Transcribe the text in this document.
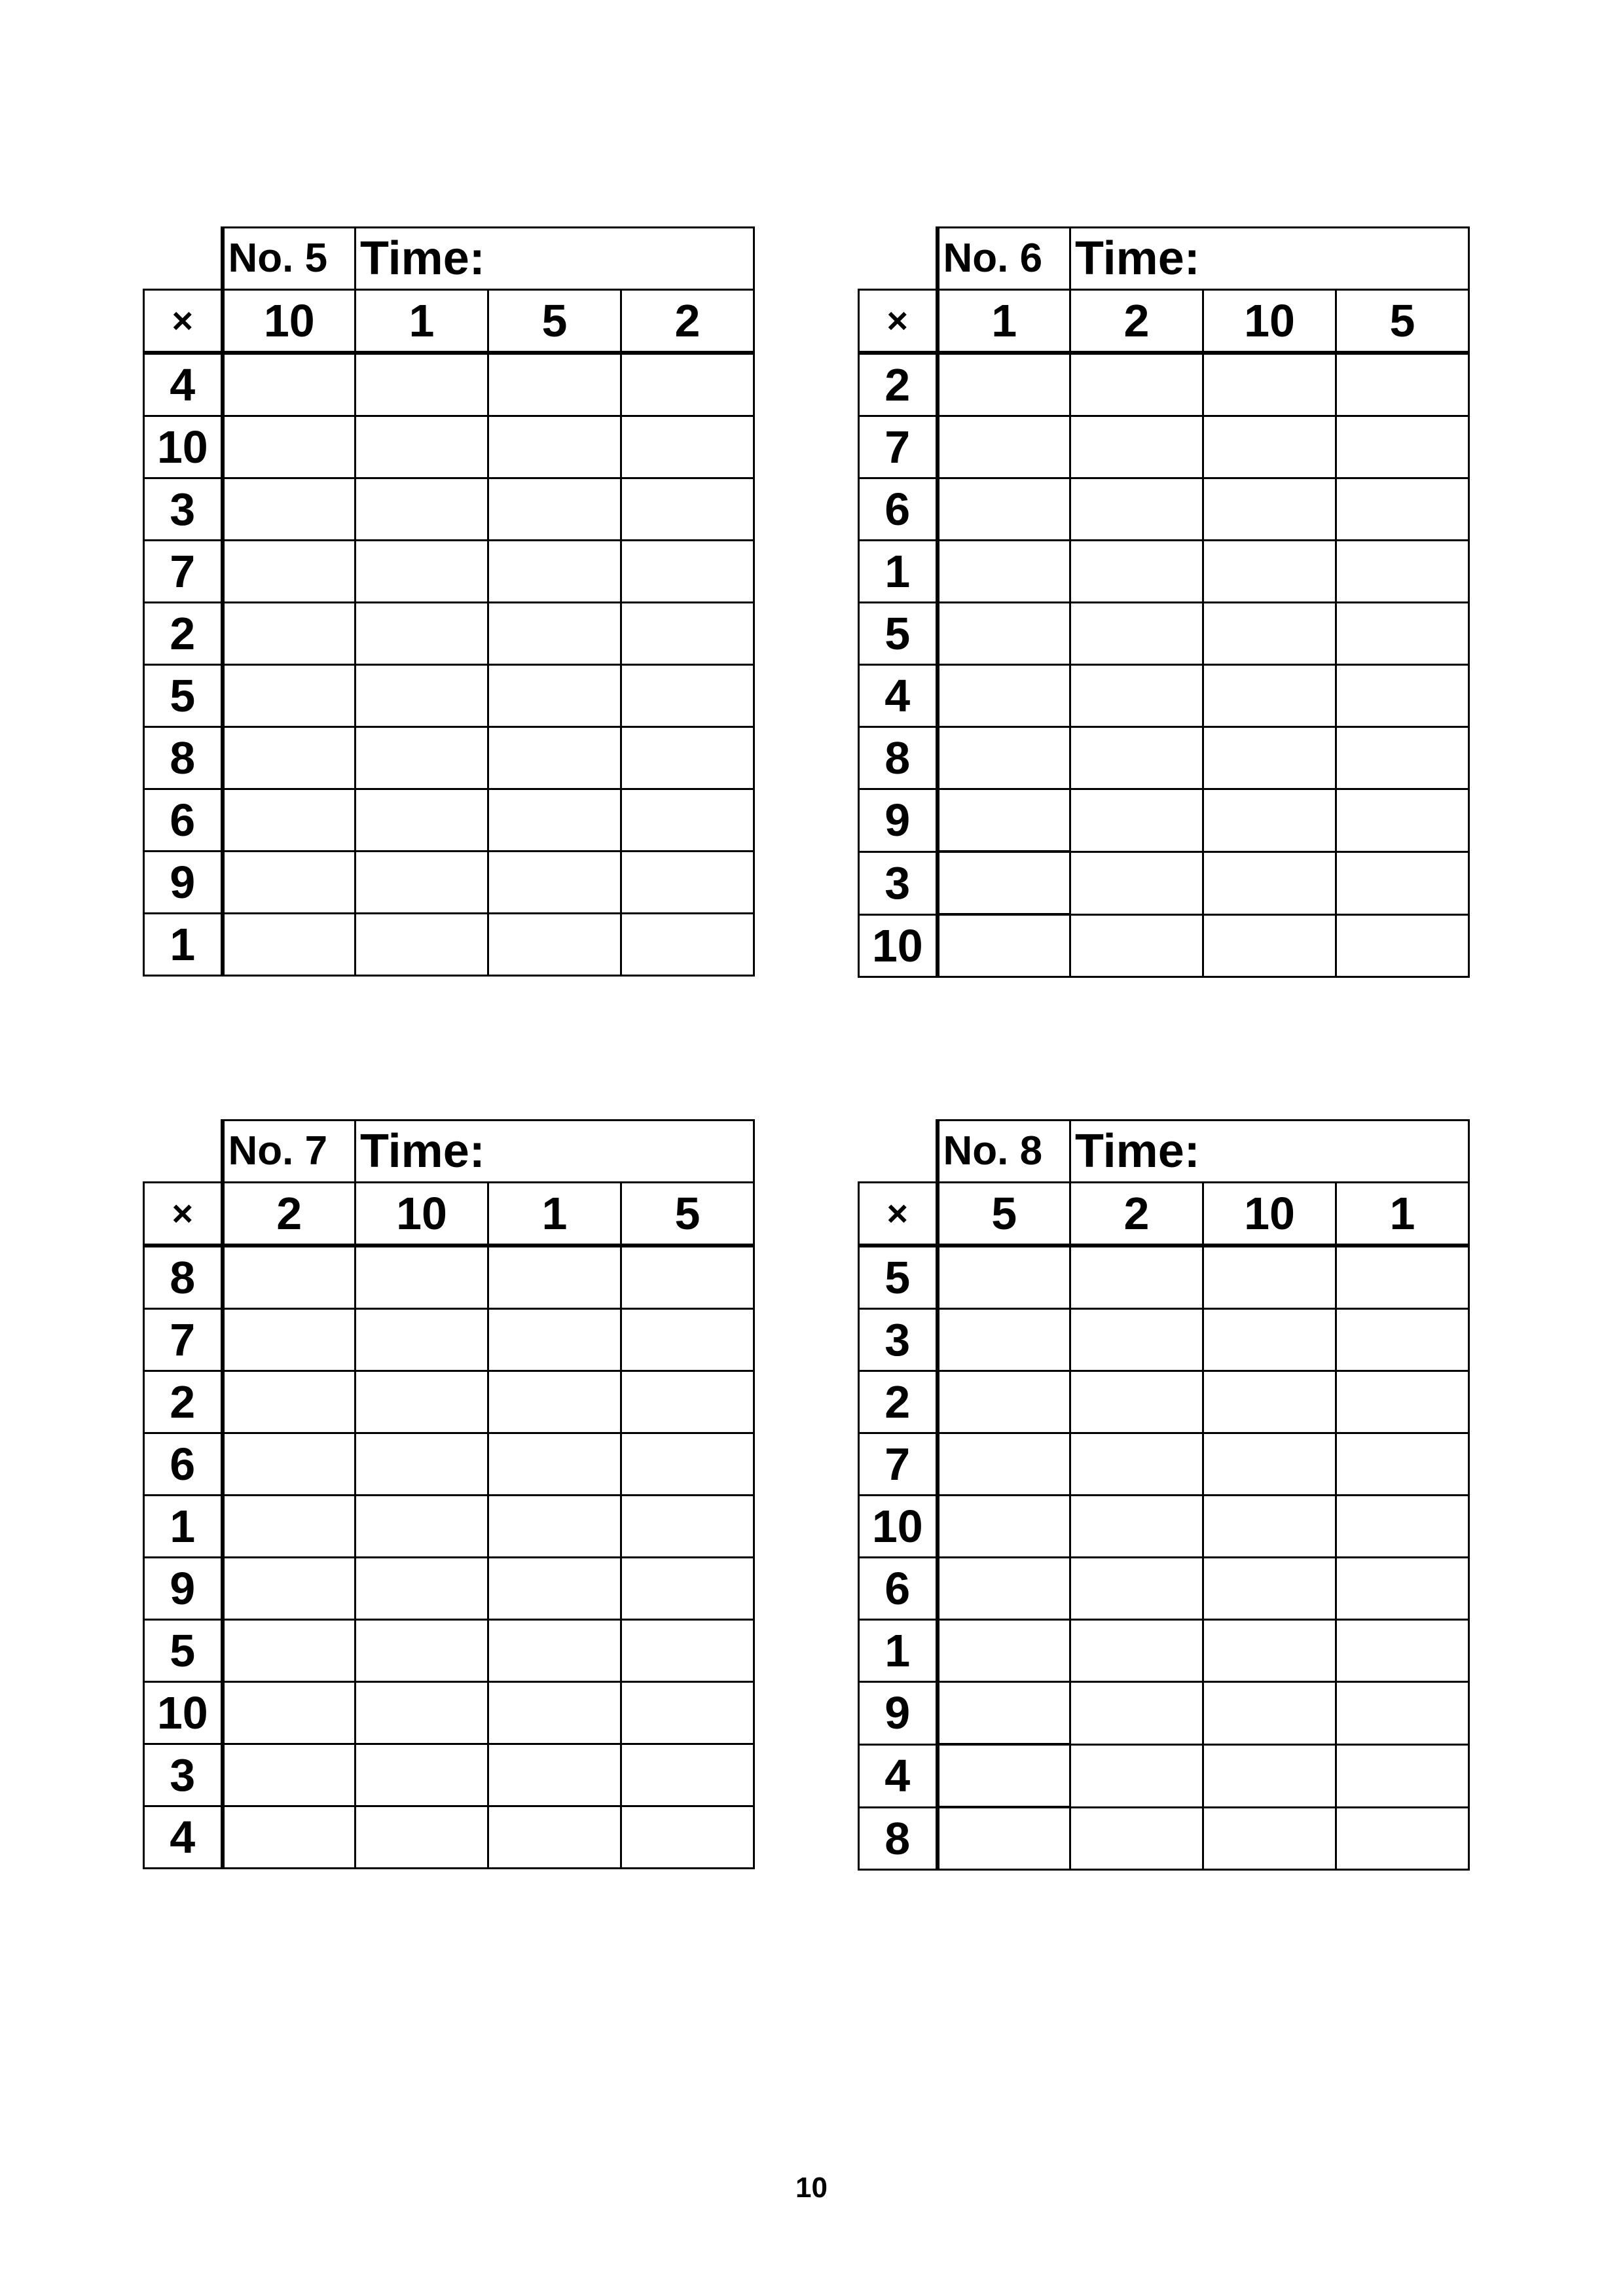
	No. 5	Time:		
×	10	1	5	2
4				
10				
3				
7				
2				
5				
8				
6				
9				
1				
	No. 6	Time:		
×	1	2	10	5
2				
7				
6				
1				
5				
4				
8				
9				
3				
10				
	No. 7	Time:		
×	2	10	1	5
8				
7				
2				
6				
1				
9				
5				
10				
3				
4				
	No. 8	Time:		
×	5	2	10	1
5				
3				
2				
7				
10				
6				
1				
9				
4				
8				
10
